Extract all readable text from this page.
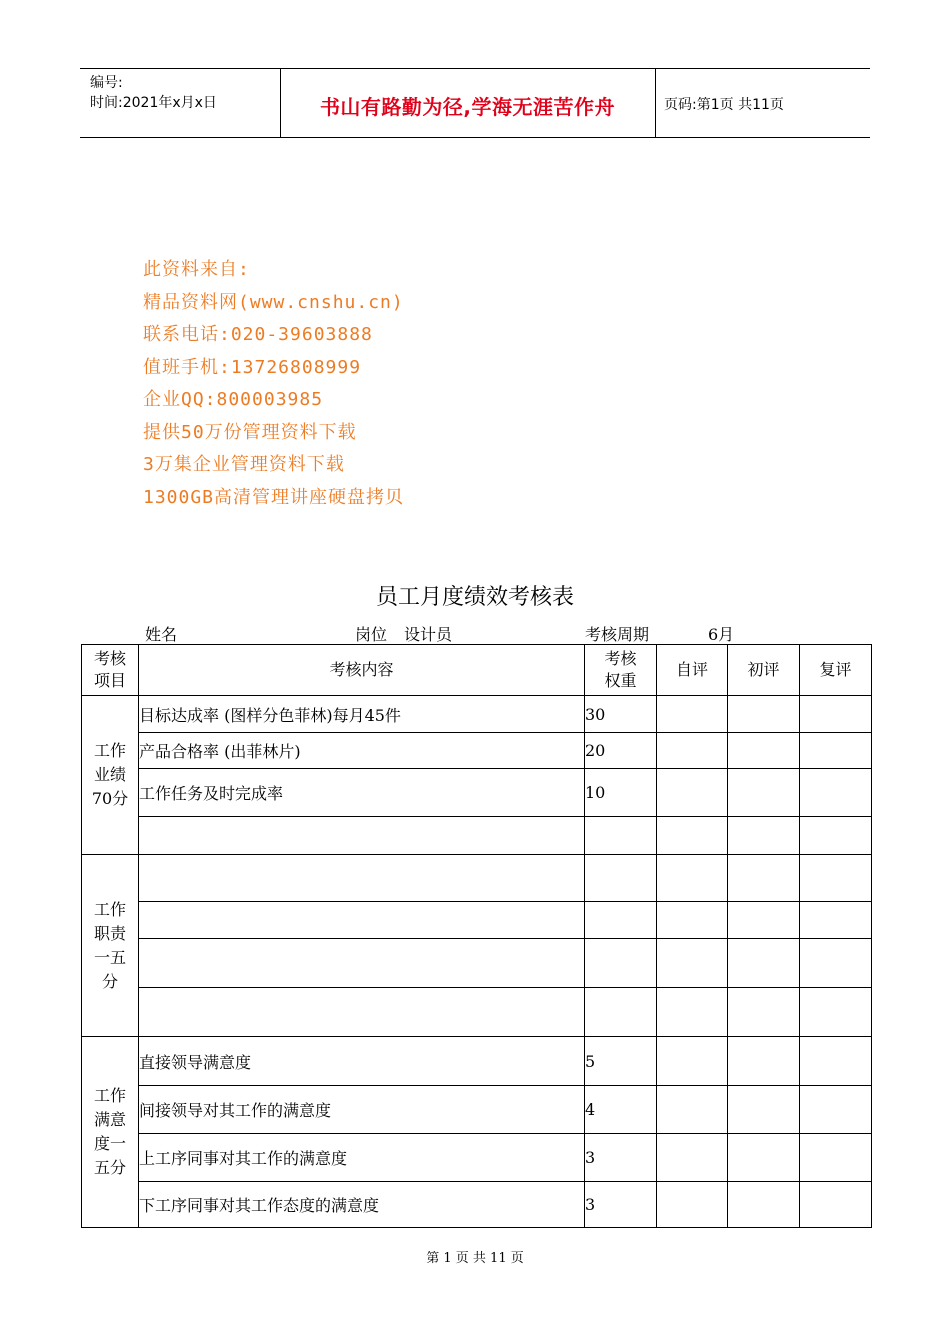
编号:
时间:2021年x月x日	书山有路勤为径,学海无涯苦作舟	页码:第1页 共11页
此资料来自:
精品资料网(www.cnshu.cn)
联系电话:020-39603888
值班手机:13726808999
企业QQ:800003985
提供50万份管理资料下载
3万集企业管理资料下载
1300GB高清管理讲座硬盘拷贝
员工月度绩效考核表
姓名	岗位 设计员	考核周期	6月
考核项目	考核内容	考核权重	自评	初评	复评
工作业绩70分	目标达成率 (图样分色菲林)每月45件	30			
	产品合格率 (出菲林片)	20			
	工作任务及时完成率	10			

工作职责一五分					

工作满意度一五分	直接领导满意度	5			
	间接领导对其工作的满意度	4			
	上工序同事对其工作的满意度	3			
	下工序同事对其工作态度的满意度	3			
第 1 页 共 11 页
